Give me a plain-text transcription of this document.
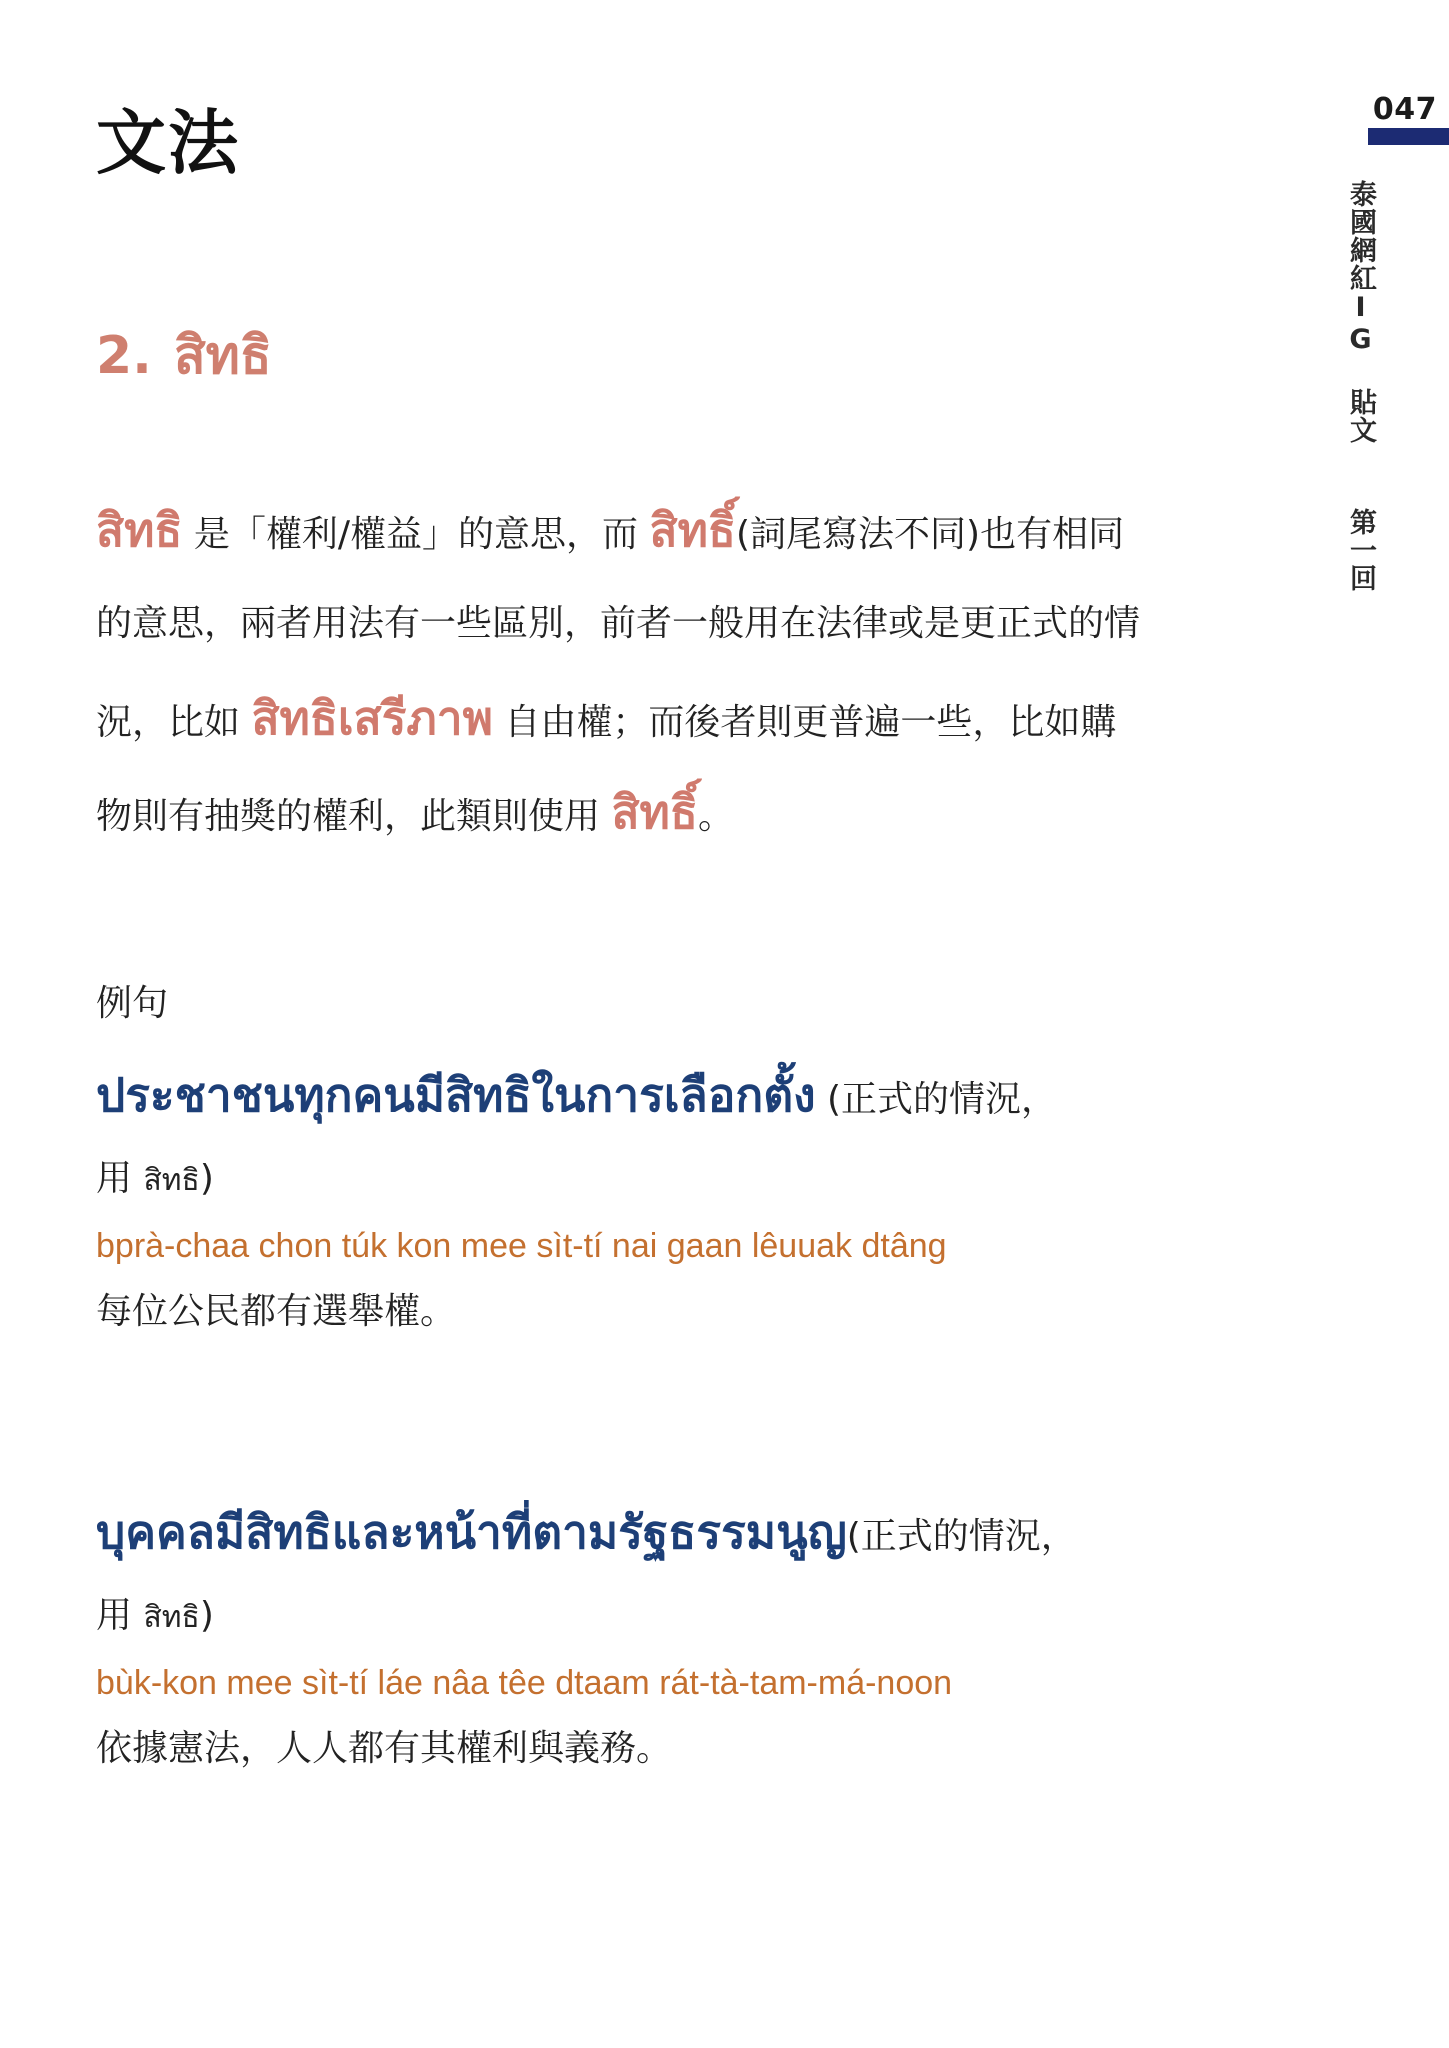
047
泰國網紅IG 貼文  第一回
文法
2. สิทธิ
สิทธิ 是「權利/權益」的意思，而 สิทธิ์(詞尾寫法不同)也有相同
的意思，兩者用法有一些區別，前者一般用在法律或是更正式的情
況，比如 สิทธิเสรีภาพ 自由權；而後者則更普遍一些，比如購
物則有抽獎的權利，此類則使用 สิทธิ์。
例句
ประชาชนทุกคนมีสิทธิในการเลือกตั้ง (正式的情況，
用 สิทธิ)
bprà-chaa chon túk kon mee sìt-tí nai gaan lêuuak dtâng
每位公民都有選舉權。
บุคคลมีสิทธิและหน้าที่ตามรัฐธรรมนูญ(正式的情況，
用 สิทธิ)
bùk-kon mee sìt-tí láe nâa têe dtaam rát-tà-tam-má-noon
依據憲法，人人都有其權利與義務。
